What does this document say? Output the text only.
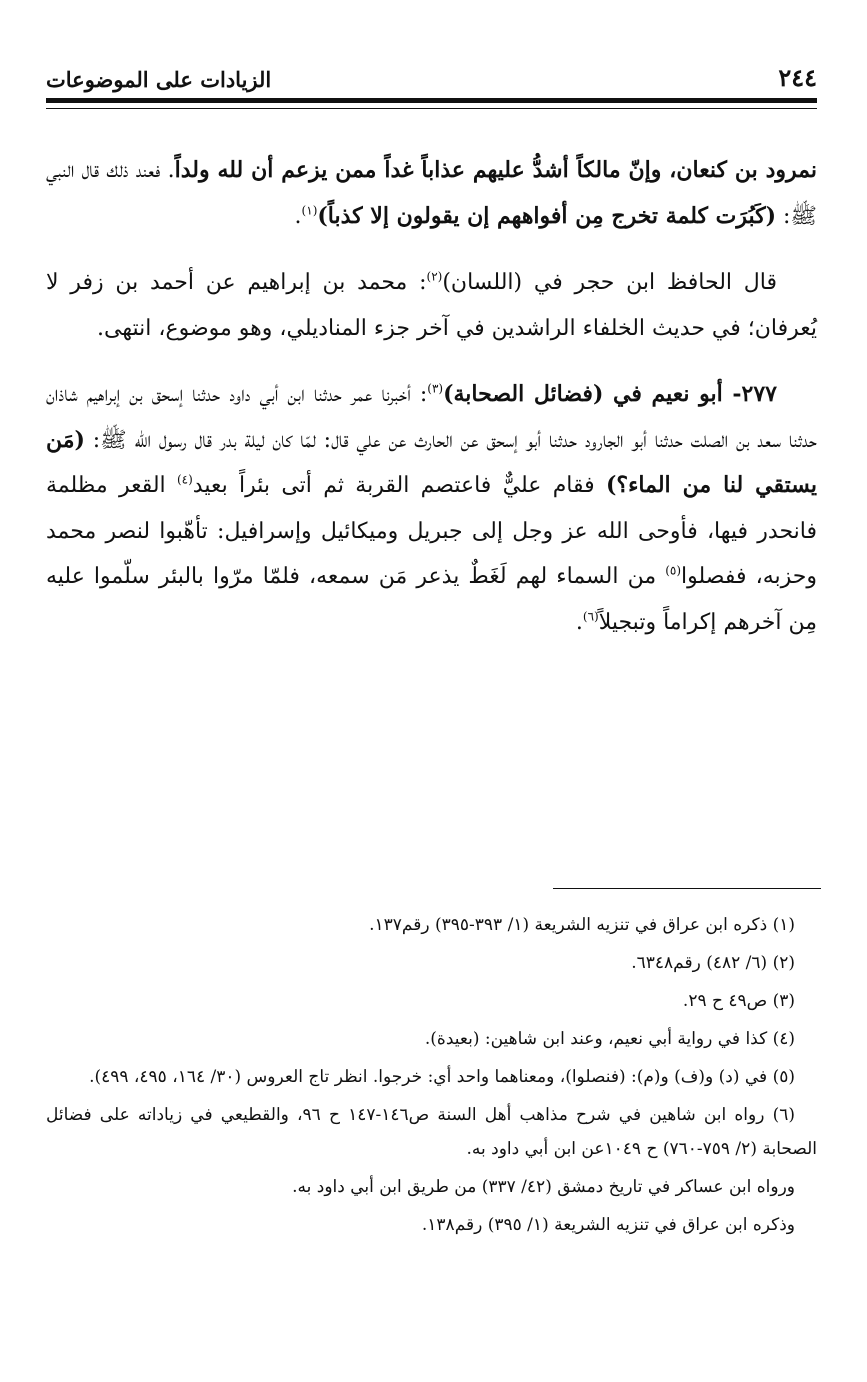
٢٤٤
الزيادات على الموضوعات

نمرود بن كنعان، وإنّ مالكاً أشدُّ عليهم عذاباً غداً ممن يزعم أن لله ولداً. فعند ذلك قال النبي ﷺ: (كَبُرَت كلمة تخرج مِن أفواههم إن يقولون إلا كذباً)$^{(١)}$.

قال الحافظ ابن حجر في (اللسان)$^{(٢)}$: محمد بن إبراهيم عن أحمد بن زفر لا يُعرفان؛ في حديث الخلفاء الراشدين في آخر جزء المناديلي، وهو موضوع، انتهى.

٢٧٧- أبو نعيم في (فضائل الصحابة)$^{(٣)}$: أخبرنا عمر حدثنا ابن أبي داود حدثنا إسحق بن إبراهيم شاذان حدثنا سعد بن الصلت حدثنا أبو الجارود حدثنا أبو إسحق عن الحارث عن علي قال: لمّا كان ليلة بدر قال رسول الله ﷺ: (مَن يستقي لنا من الماء؟) فقام عليٌّ فاعتصم القربة ثم أتى بئراً بعيد$^{(٤)}$ القعر مظلمة فانحدر فيها، فأوحى الله عز وجل إلى جبريل وميكائيل وإسرافيل: تأهّبوا لنصر محمد وحزبه، ففصلوا$^{(٥)}$ من السماء لهم لَغَطٌ يذعر مَن سمعه، فلمّا مرّوا بالبئر سلّموا عليه مِن آخرهم إكراماً وتبجيلاً$^{(٦)}$.

(١) ذكره ابن عراق في تنزيه الشريعة (١/ ٣٩٣-٣٩٥) رقم١٣٧.

(٢) (٦/ ٤٨٢) رقم٦٣٤٨.

(٣) ص٤٩ ح ٢٩.

(٤) كذا في رواية أبي نعيم، وعند ابن شاهين: (بعيدة).

(٥) في (د) و(ف) و(م): (فنصلوا)، ومعناهما واحد أي: خرجوا. انظر تاج العروس (٣٠/ ١٦٤، ٤٩٥، ٤٩٩).

(٦) رواه ابن شاهين في شرح مذاهب أهل السنة ص١٤٦-١٤٧ ح ٩٦، والقطيعي في زياداته على فضائل الصحابة (٢/ ٧٥٩-٧٦٠) ح ١٠٤٩عن ابن أبي داود به.

ورواه ابن عساكر في تاريخ دمشق (٤٢/ ٣٣٧) من طريق ابن أبي داود به.

وذكره ابن عراق في تنزيه الشريعة (١/ ٣٩٥) رقم١٣٨.
